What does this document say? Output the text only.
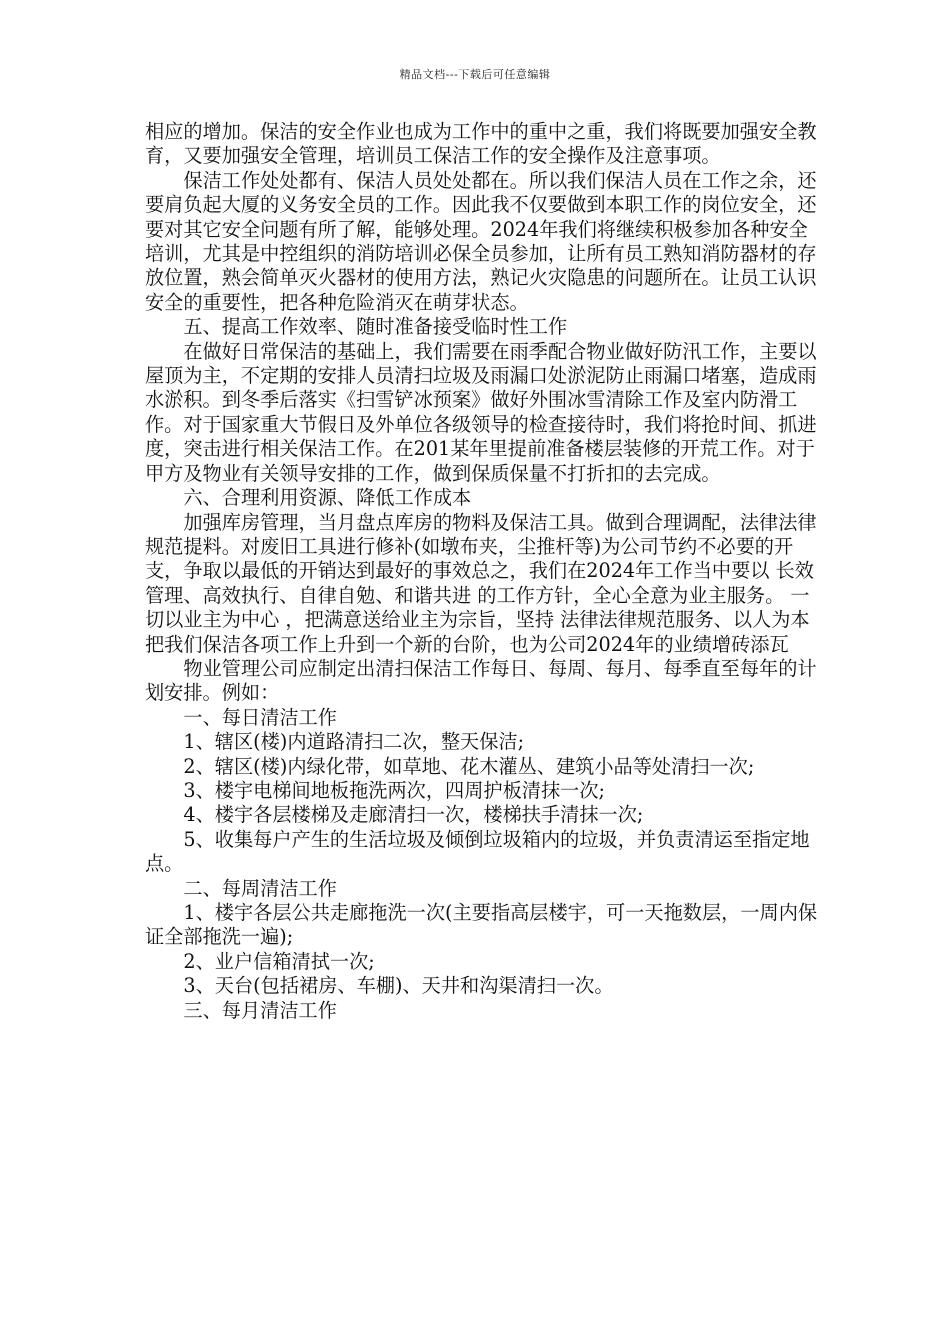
精品文档---下载后可任意编辑

相应的增加。保洁的安全作业也成为工作中的重中之重，我们将既要加强安全教育，又要加强安全管理，培训员工保洁工作的安全操作及注意事项。

保洁工作处处都有、保洁人员处处都在。所以我们保洁人员在工作之余，还要肩负起大厦的义务安全员的工作。因此我不仅要做到本职工作的岗位安全，还要对其它安全问题有所了解，能够处理。2024年我们将继续积极参加各种安全培训，尤其是中控组织的消防培训必保全员参加，让所有员工熟知消防器材的存放位置，熟会简单灭火器材的使用方法，熟记火灾隐患的问题所在。让员工认识安全的重要性，把各种危险消灭在萌芽状态。

五、提高工作效率、随时准备接受临时性工作

在做好日常保洁的基础上，我们需要在雨季配合物业做好防汛工作，主要以屋顶为主，不定期的安排人员清扫垃圾及雨漏口处淤泥防止雨漏口堵塞，造成雨水淤积。到冬季后落实《扫雪铲冰预案》做好外围冰雪清除工作及室内防滑工作。对于国家重大节假日及外单位各级领导的检查接待时，我们将抢时间、抓进度，突击进行相关保洁工作。在201某年里提前准备楼层装修的开荒工作。对于甲方及物业有关领导安排的工作，做到保质保量不打折扣的去完成。

六、合理利用资源、降低工作成本

加强库房管理，当月盘点库房的物料及保洁工具。做到合理调配，法律法律规范提料。对废旧工具进行修补(如墩布夹，尘推杆等)为公司节约不必要的开支，争取以最低的开销达到最好的事效总之，我们在2024年工作当中要以 长效管理、高效执行、自律自勉、和谐共进 的工作方针，全心全意为业主服务。 一切以业主为中心 ，把满意送给业主为宗旨，坚持 法律法律规范服务、以人为本 把我们保洁各项工作上升到一个新的台阶，也为公司2024年的业绩增砖添瓦

物业管理公司应制定出清扫保洁工作每日、每周、每月、每季直至每年的计划安排。例如：

一、每日清洁工作

1、辖区(楼)内道路清扫二次，整天保洁;

2、辖区(楼)内绿化带，如草地、花木灌丛、建筑小品等处清扫一次;

3、楼宇电梯间地板拖洗两次，四周护板清抹一次;

4、楼宇各层楼梯及走廊清扫一次，楼梯扶手清抹一次;

5、收集每户产生的生活垃圾及倾倒垃圾箱内的垃圾，并负责清运至指定地点。

二、每周清洁工作

1、楼宇各层公共走廊拖洗一次(主要指高层楼宇，可一天拖数层，一周内保证全部拖洗一遍);

2、业户信箱清拭一次;

3、天台(包括裙房、车棚)、天井和沟渠清扫一次。

三、每月清洁工作
